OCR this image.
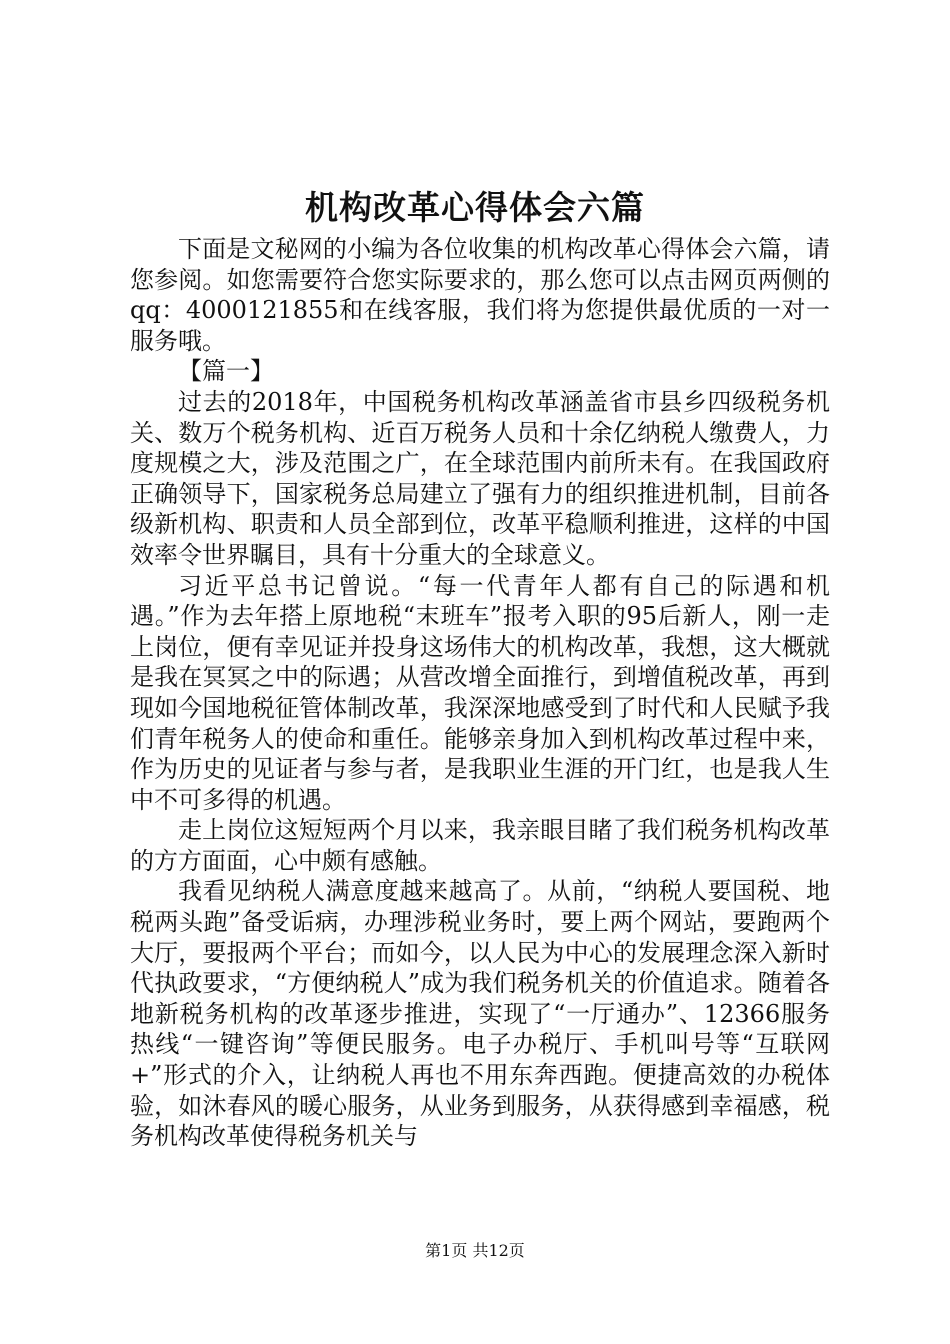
机构改革心得体会六篇

下面是文秘网的小编为各位收集的机构改革心得体会六篇，请您参阅。如您需要符合您实际要求的，那么您可以点击网页两侧的qq：4000121855和在线客服，我们将为您提供最优质的一对一服务哦。

【篇一】

过去的2018年，中国税务机构改革涵盖省市县乡四级税务机关、数万个税务机构、近百万税务人员和十余亿纳税人缴费人，力度规模之大，涉及范围之广，在全球范围内前所未有。在我国政府正确领导下，国家税务总局建立了强有力的组织推进机制，目前各级新机构、职责和人员全部到位，改革平稳顺利推进，这样的中国效率令世界瞩目，具有十分重大的全球意义。

习近平总书记曾说。“每一代青年人都有自己的际遇和机遇。”作为去年搭上原地税“末班车”报考入职的95后新人，刚一走上岗位，便有幸见证并投身这场伟大的机构改革，我想，这大概就是我在冥冥之中的际遇；从营改增全面推行，到增值税改革，再到现如今国地税征管体制改革，我深深地感受到了时代和人民赋予我们青年税务人的使命和重任。能够亲身加入到机构改革过程中来，作为历史的见证者与参与者，是我职业生涯的开门红，也是我人生中不可多得的机遇。

走上岗位这短短两个月以来，我亲眼目睹了我们税务机构改革的方方面面，心中颇有感触。

我看见纳税人满意度越来越高了。从前，“纳税人要国税、地税两头跑”备受诟病，办理涉税业务时，要上两个网站，要跑两个大厅，要报两个平台；而如今，以人民为中心的发展理念深入新时代执政要求，“方便纳税人”成为我们税务机关的价值追求。随着各地新税务机构的改革逐步推进，实现了“一厅通办”、12366服务热线“一键咨询”等便民服务。电子办税厅、手机叫号等“互联网+”形式的介入，让纳税人再也不用东奔西跑。便捷高效的办税体验，如沐春风的暖心服务，从业务到服务，从获得感到幸福感，税务机构改革使得税务机关与

第1页 共12页
